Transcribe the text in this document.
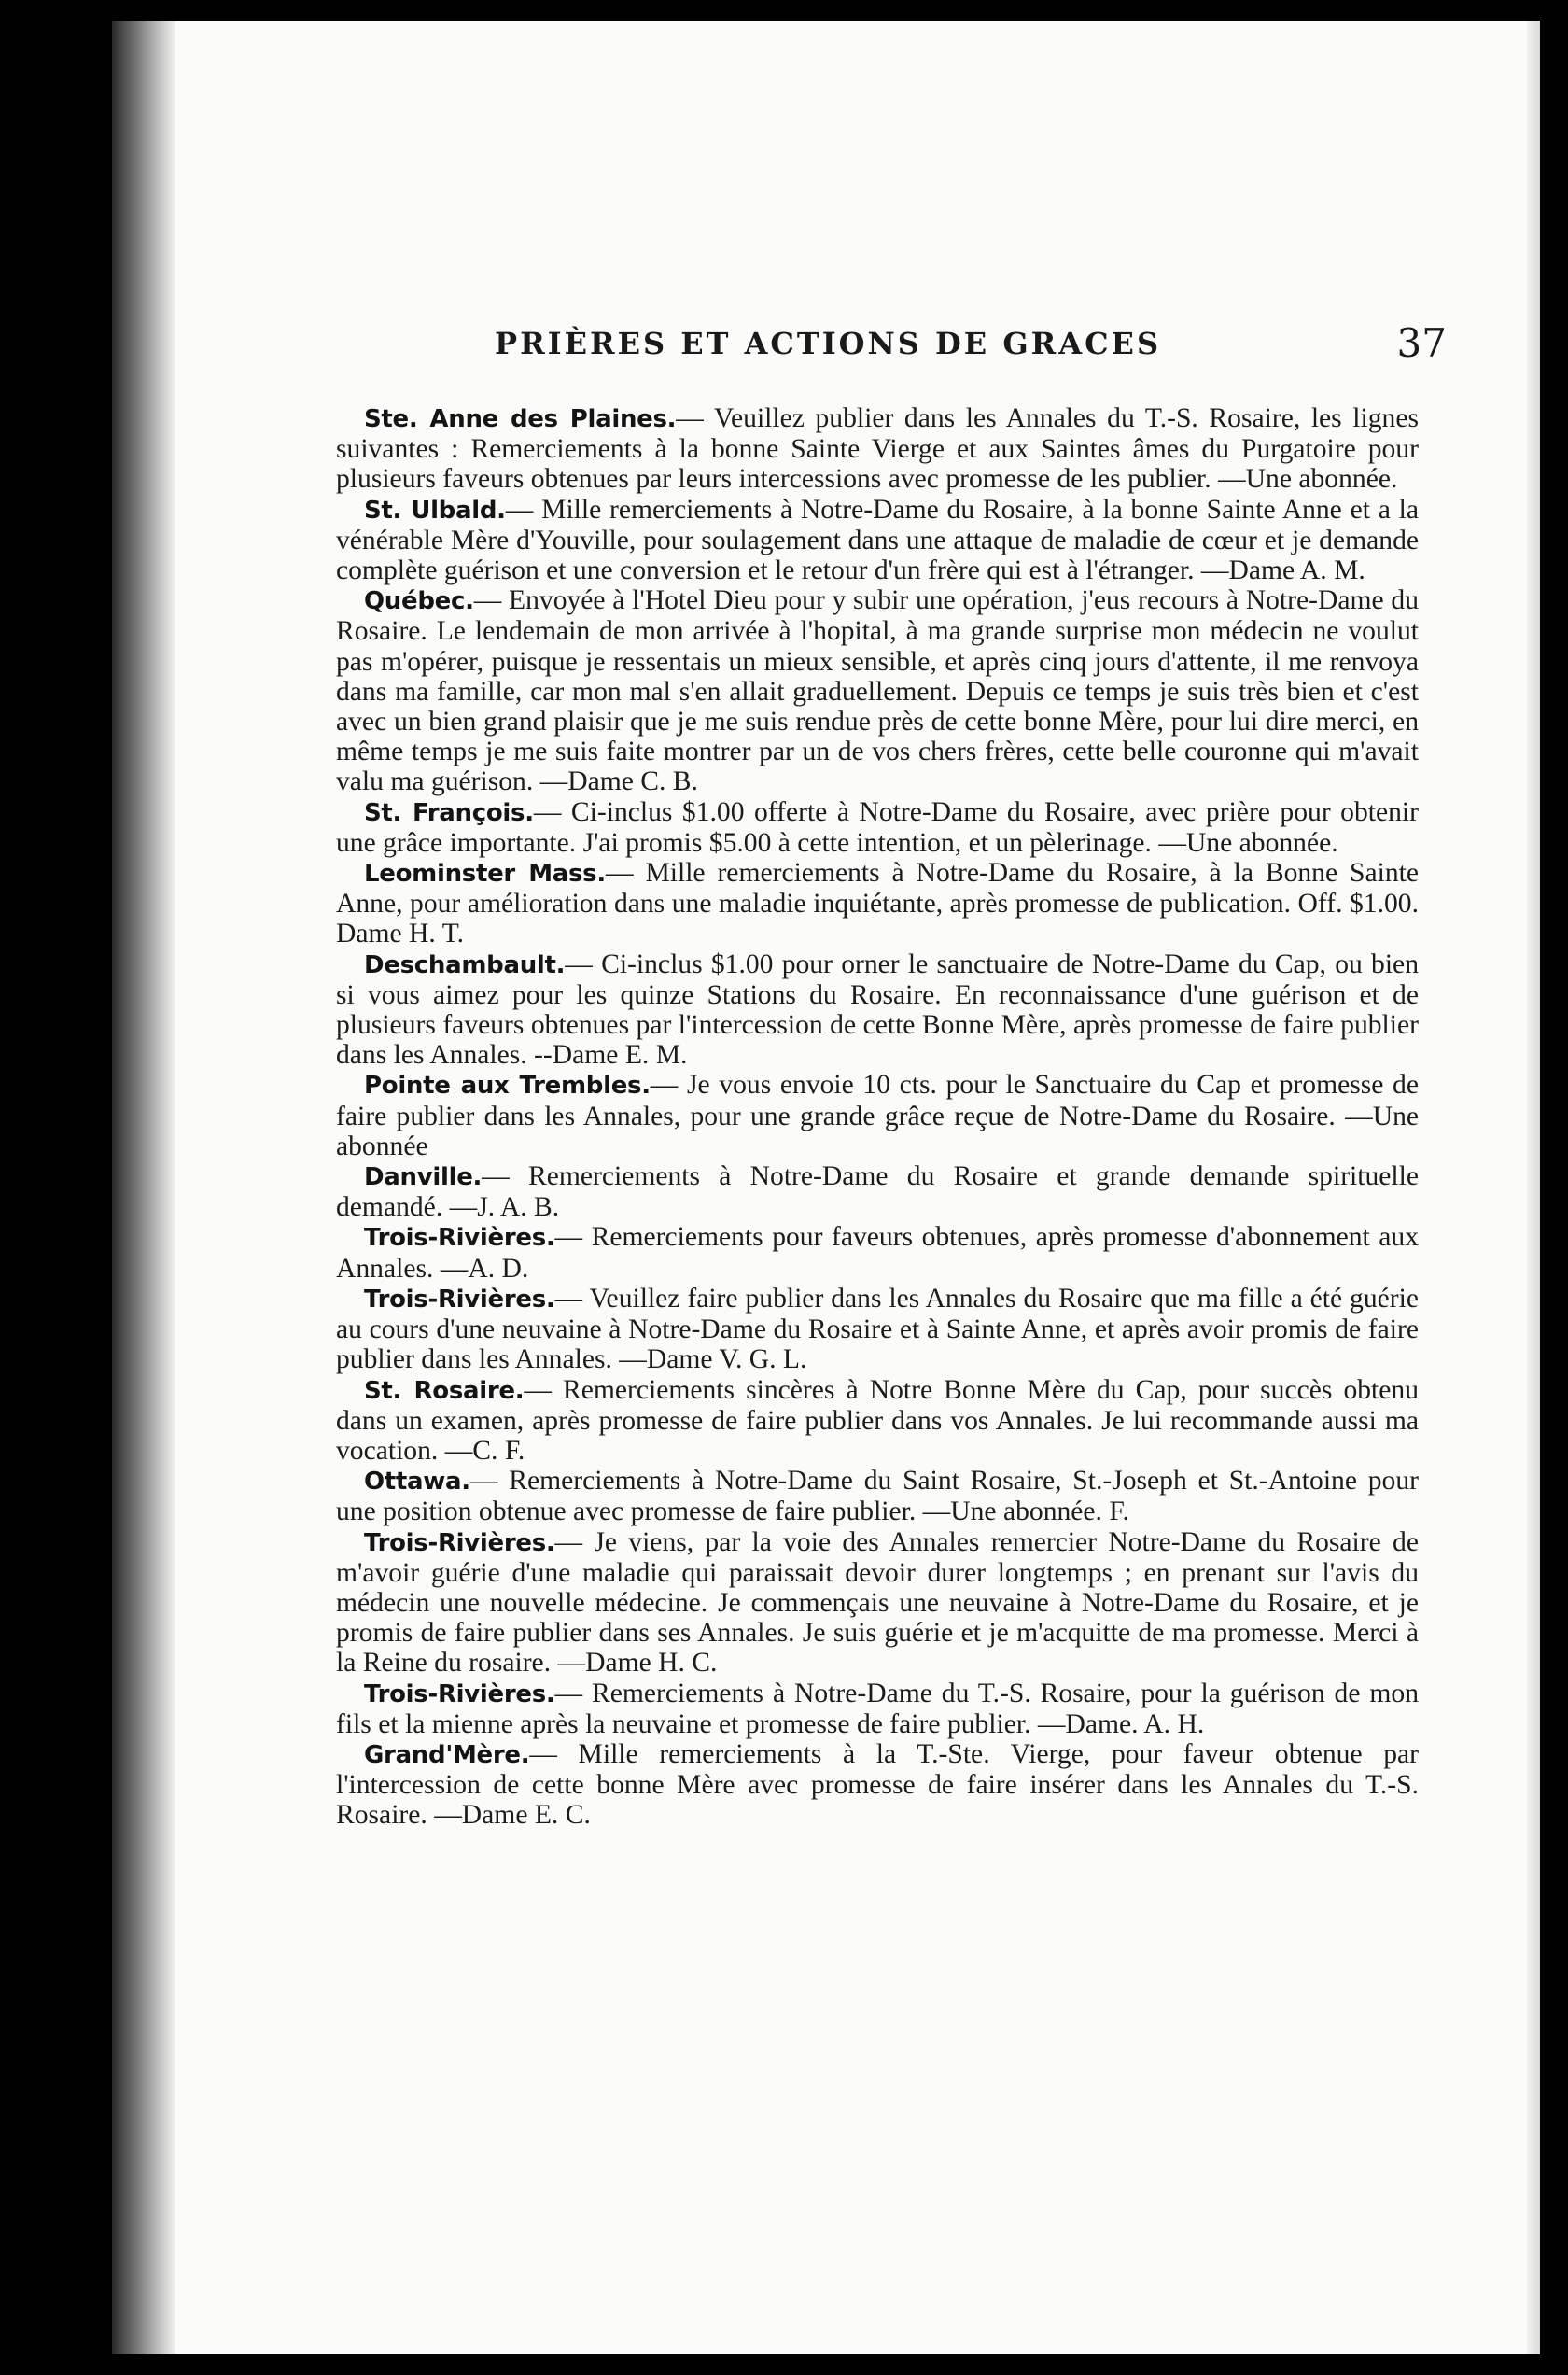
PRIÈRES ET ACTIONS DE GRACES	37

Ste. Anne des Plaines.— Veuillez publier dans les Annales du T.-S. Rosaire, les lignes suivantes : Remerciements à la bonne Sainte Vierge et aux Saintes âmes du Purgatoire pour plusieurs faveurs obtenues par leurs intercessions avec promesse de les publier. —Une abonnée.

St. Ulbald.— Mille remerciements à Notre-Dame du Rosaire, à la bonne Sainte Anne et a la vénérable Mère d'Youville, pour soulagement dans une attaque de maladie de cœur et je demande complète guérison et une conversion et le retour d'un frère qui est à l'étranger. —Dame A. M.

Québec.— Envoyée à l'Hotel Dieu pour y subir une opération, j'eus recours à Notre-Dame du Rosaire. Le lendemain de mon arrivée à l'hopital, à ma grande surprise mon médecin ne voulut pas m'opérer, puisque je ressentais un mieux sensible, et après cinq jours d'attente, il me renvoya dans ma famille, car mon mal s'en allait graduellement. Depuis ce temps je suis très bien et c'est avec un bien grand plaisir que je me suis rendue près de cette bonne Mère, pour lui dire merci, en même temps je me suis faite montrer par un de vos chers frères, cette belle couronne qui m'avait valu ma guérison. —Dame C. B.

St. François.— Ci-inclus $1.00 offerte à Notre-Dame du Rosaire, avec prière pour obtenir une grâce importante. J'ai promis $5.00 à cette intention, et un pèlerinage. —Une abonnée.

Leominster Mass.— Mille remerciements à Notre-Dame du Rosaire, à la Bonne Sainte Anne, pour amélioration dans une maladie inquiétante, après promesse de publication. Off. $1.00. Dame H. T.

Deschambault.— Ci-inclus $1.00 pour orner le sanctuaire de Notre-Dame du Cap, ou bien si vous aimez pour les quinze Stations du Rosaire. En reconnaissance d'une guérison et de plusieurs faveurs obtenues par l'intercession de cette Bonne Mère, après promesse de faire publier dans les Annales. --Dame E. M.

Pointe aux Trembles.— Je vous envoie 10 cts. pour le Sanctuaire du Cap et promesse de faire publier dans les Annales, pour une grande grâce reçue de Notre-Dame du Rosaire. —Une abonnée

Danville.— Remerciements à Notre-Dame du Rosaire et grande demande spirituelle demandé. —J. A. B.

Trois-Rivières.— Remerciements pour faveurs obtenues, après promesse d'abonnement aux Annales. —A. D.

Trois-Rivières.— Veuillez faire publier dans les Annales du Rosaire que ma fille a été guérie au cours d'une neuvaine à Notre-Dame du Rosaire et à Sainte Anne, et après avoir promis de faire publier dans les Annales. —Dame V. G. L.

St. Rosaire.— Remerciements sincères à Notre Bonne Mère du Cap, pour succès obtenu dans un examen, après promesse de faire publier dans vos Annales. Je lui recommande aussi ma vocation. —C. F.

Ottawa.— Remerciements à Notre-Dame du Saint Rosaire, St.-Joseph et St.-Antoine pour une position obtenue avec promesse de faire publier. —Une abonnée. F.

Trois-Rivières.— Je viens, par la voie des Annales remercier Notre-Dame du Rosaire de m'avoir guérie d'une maladie qui paraissait devoir durer longtemps ; en prenant sur l'avis du médecin une nouvelle médecine. Je commençais une neuvaine à Notre-Dame du Rosaire, et je promis de faire publier dans ses Annales. Je suis guérie et je m'acquitte de ma promesse. Merci à la Reine du rosaire. —Dame H. C.

Trois-Rivières.— Remerciements à Notre-Dame du T.-S. Rosaire, pour la guérison de mon fils et la mienne après la neuvaine et promesse de faire publier. —Dame. A. H.

Grand'Mère.— Mille remerciements à la T.-Ste. Vierge, pour faveur obtenue par l'intercession de cette bonne Mère avec promesse de faire insérer dans les Annales du T.-S. Rosaire. —Dame E. C.
